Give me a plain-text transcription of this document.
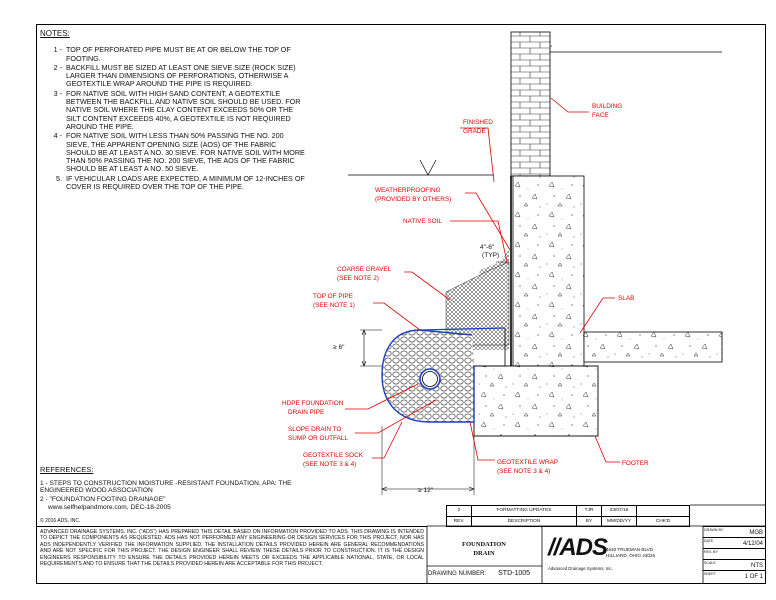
NOTES:
1 - TOP OF PERFORATED PIPE MUST BE AT OR BELOW THE TOP OF FOOTING.
2 - BACKFILL MUST BE SIZED AT LEAST ONE SIEVE SIZE (ROCK SIZE) LARGER THAN DIMENSIONS OF PERFORATIONS, OTHERWISE A GEOTEXTILE WRAP AROUND THE PIPE IS REQUIRED.
3 - FOR NATIVE SOIL WITH HIGH SAND CONTENT, A GEOTEXTILE BETWEEN THE BACKFILL AND NATIVE SOIL SHOULD BE USED. FOR NATIVE SOIL WHERE THE CLAY CONTENT EXCEEDS 50% OR THE SILT CONTENT EXCEEDS 40%, A GEOTEXTILE IS NOT REQUIRED AROUND THE PIPE.
4 - FOR NATIVE SOIL WITH LESS THAN 50% PASSING THE NO. 200 SIEVE, THE APPARENT OPENING SIZE (AOS) OF THE FABRIC SHOULD BE AT LEAST A NO. 30 SIEVE. FOR NATIVE SOIL WITH MORE THAN 50% PASSING THE NO. 200 SIEVE, THE AOS OF THE FABRIC SHOULD BE AT LEAST A NO. 50 SIEVE.
5. IF VEHICULAR LOADS ARE EXPECTED, A MINIMUM OF 12-INCHES OF COVER IS REQUIRED OVER THE TOP OF THE PIPE.
REFERENCES:
1 - STEPS TO CONSTRUCTION MOISTURE -RESISTANT FOUNDATION, APA: THE ENGINEERED WOOD ASSOCIATION
2 - "FOUNDATION FOOTING DRAINAGE"
www.selfhelpandmore.com, DEC-18-2005
© 2016 ADS, INC.
ADVANCED DRAINAGE SYSTEMS, INC. ("ADS") HAS PREPARED THIS DETAIL BASED ON INFORMATION PROVIDED TO ADS. THIS DRAWING IS INTENDED TO DEPICT THE COMPONENTS AS REQUESTED. ADS HAS NOT PERFORMED ANY ENGINEERING OR DESIGN SERVICES FOR THIS PROJECT, NOR HAS ADS INDEPENDENTLY VERIFIED THE INFORMATION SUPPLIED. THE INSTALLATION DETAILS PROVIDED HEREIN ARE GENERAL RECOMMENDATIONS AND ARE NOT SPECIFIC FOR THIS PROJECT. THE DESIGN ENGINEER SHALL REVIEW THESE DETAILS PRIOR TO CONSTRUCTION. IT IS THE DESIGN ENGINEERS RESPONSIBILITY TO ENSURE THE DETAILS PROVIDED HEREIN MEETS OR EXCEEDS THE APPLICABLE NATIONAL, STATE, OR LOCAL REQUIREMENTS AND TO ENSURE THAT THE DETAILS PROVIDED HEREIN ARE ACCEPTABLE FOR THIS PROJECT.
≥ 6"
≥ 12"
4"-6"
(TYP)
FINISHED
GRADE
BUILDING
FACE
WEATHERPROOFING
(PROVIDED BY OTHERS)
NATIVE SOIL
COARSE GRAVEL
(SEE NOTE 2)
TOP OF PIPE
(SEE NOTE 1)
SLAB
HDPE FOUNDATION
DRAIN PIPE
SLOPE DRAIN TO
SUMP OR OUTFALL
GEOTEXTILE SOCK
(SEE NOTE 3 & 4)	GEOTEXTILE WRAP
(SEE NOTE 3 & 4)
FOOTER
2	FORMATTING UPDATES	TJR	03/07/16	
REV.	DESCRIPTION	BY	MM/DD/YY	CHK'D
FOUNDATION
DRAIN
DRAWING NUMBER: STD-1005
//ADS
Advanced Drainage Systems, Inc.
4640 TRUEMAN BLVD
HILLIARD, OHIO 43026
DRAWN BY	MGB
DATE	4/12/04
REV. BY
SCALE	NTS
SHEET	1 OF 1
